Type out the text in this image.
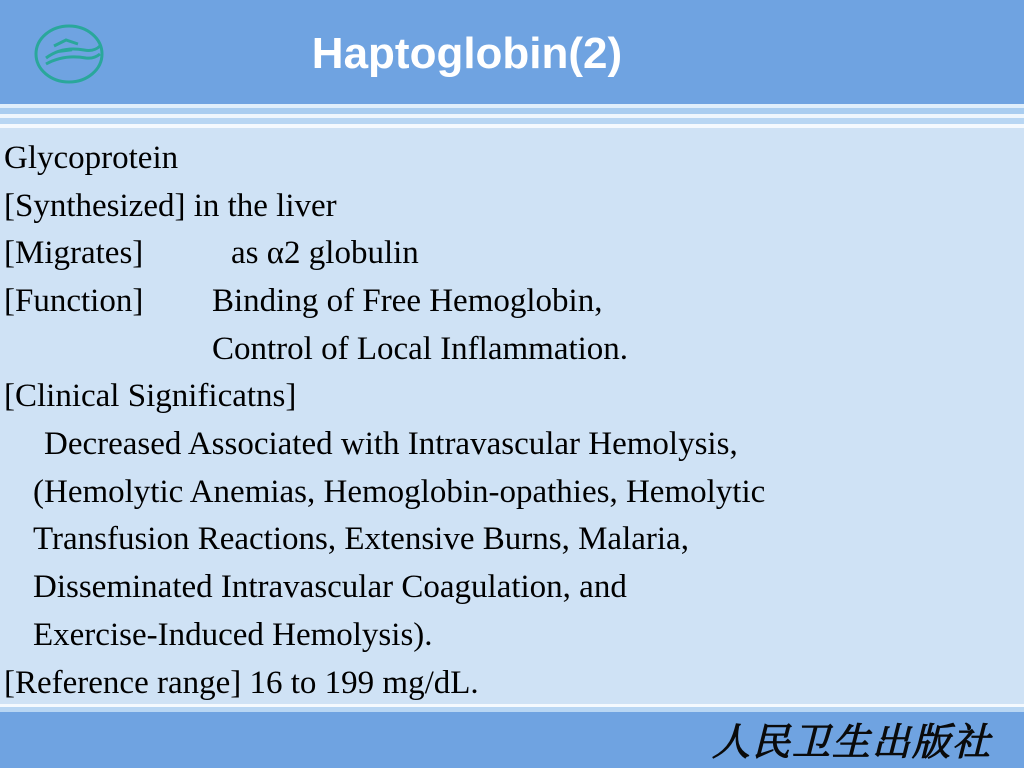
Haptoglobin(2)
Glycoprotein
[Synthesized] in the liver
[Migrates]	as α2 globulin
[Function] Binding of Free Hemoglobin,
Control of Local Inflammation.
[Clinical Significatns]
Decreased Associated with Intravascular Hemolysis,
(Hemolytic Anemias, Hemoglobin-opathies, Hemolytic
Transfusion Reactions, Extensive Burns, Malaria,
Disseminated Intravascular Coagulation, and
Exercise-Induced Hemolysis).
[Reference range] 16 to 199 mg/dL.
人民卫生出版社
